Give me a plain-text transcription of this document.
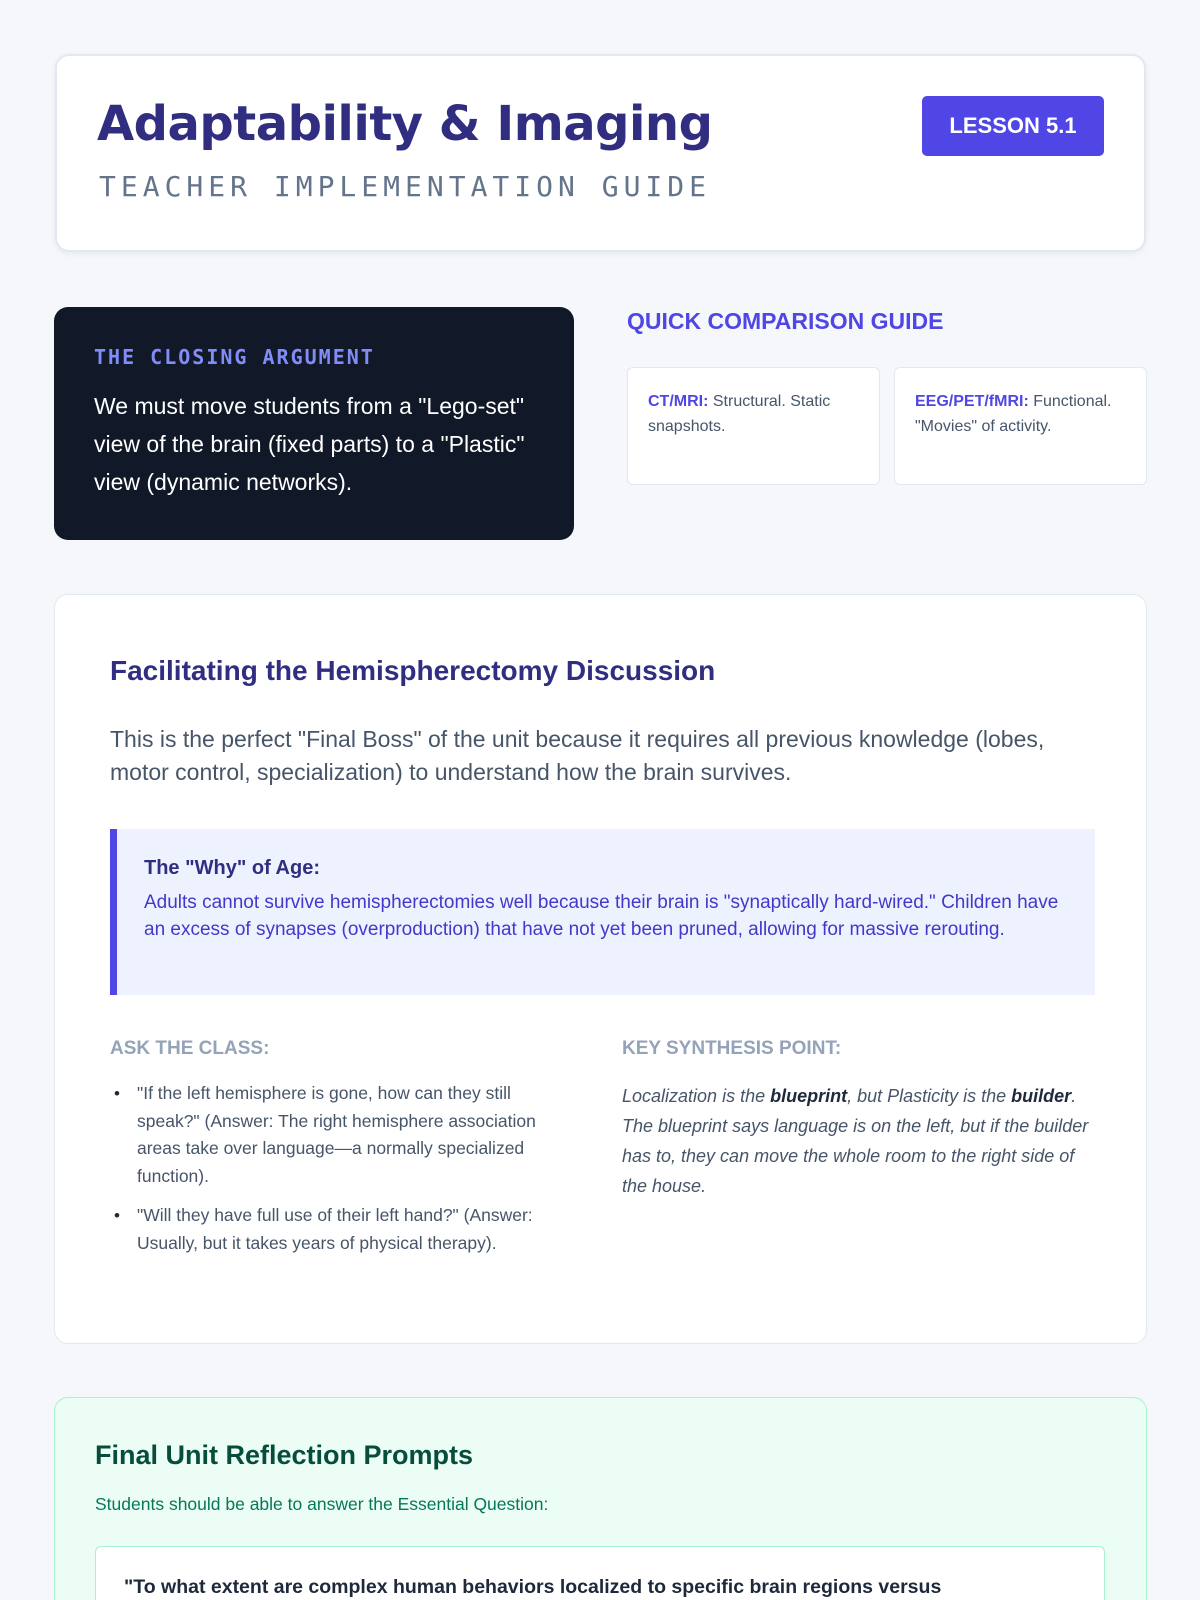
Adaptability & Imaging
TEACHER IMPLEMENTATION GUIDE
LESSON 5.1
THE CLOSING ARGUMENT
We must move students from a "Lego-set" view of the brain (fixed parts) to a "Plastic" view (dynamic networks).
QUICK COMPARISON GUIDE
CT/MRI: Structural. Static snapshots.
EEG/PET/fMRI: Functional. "Movies" of activity.
Facilitating the Hemispherectomy Discussion
This is the perfect "Final Boss" of the unit because it requires all previous knowledge (lobes, motor control, specialization) to understand how the brain survives.
The "Why" of Age:
Adults cannot survive hemispherectomies well because their brain is "synaptically hard-wired." Children have an excess of synapses (overproduction) that have not yet been pruned, allowing for massive rerouting.
ASK THE CLASS:
• "If the left hemisphere is gone, how can they still speak?" (Answer: The right hemisphere association areas take over language—a normally specialized function).
• "Will they have full use of their left hand?" (Answer: Usually, but it takes years of physical therapy).
KEY SYNTHESIS POINT:
Localization is the blueprint, but Plasticity is the builder. The blueprint says language is on the left, but if the builder has to, they can move the whole room to the right side of the house.
Final Unit Reflection Prompts
Students should be able to answer the Essential Question:
"To what extent are complex human behaviors localized to specific brain regions versus
